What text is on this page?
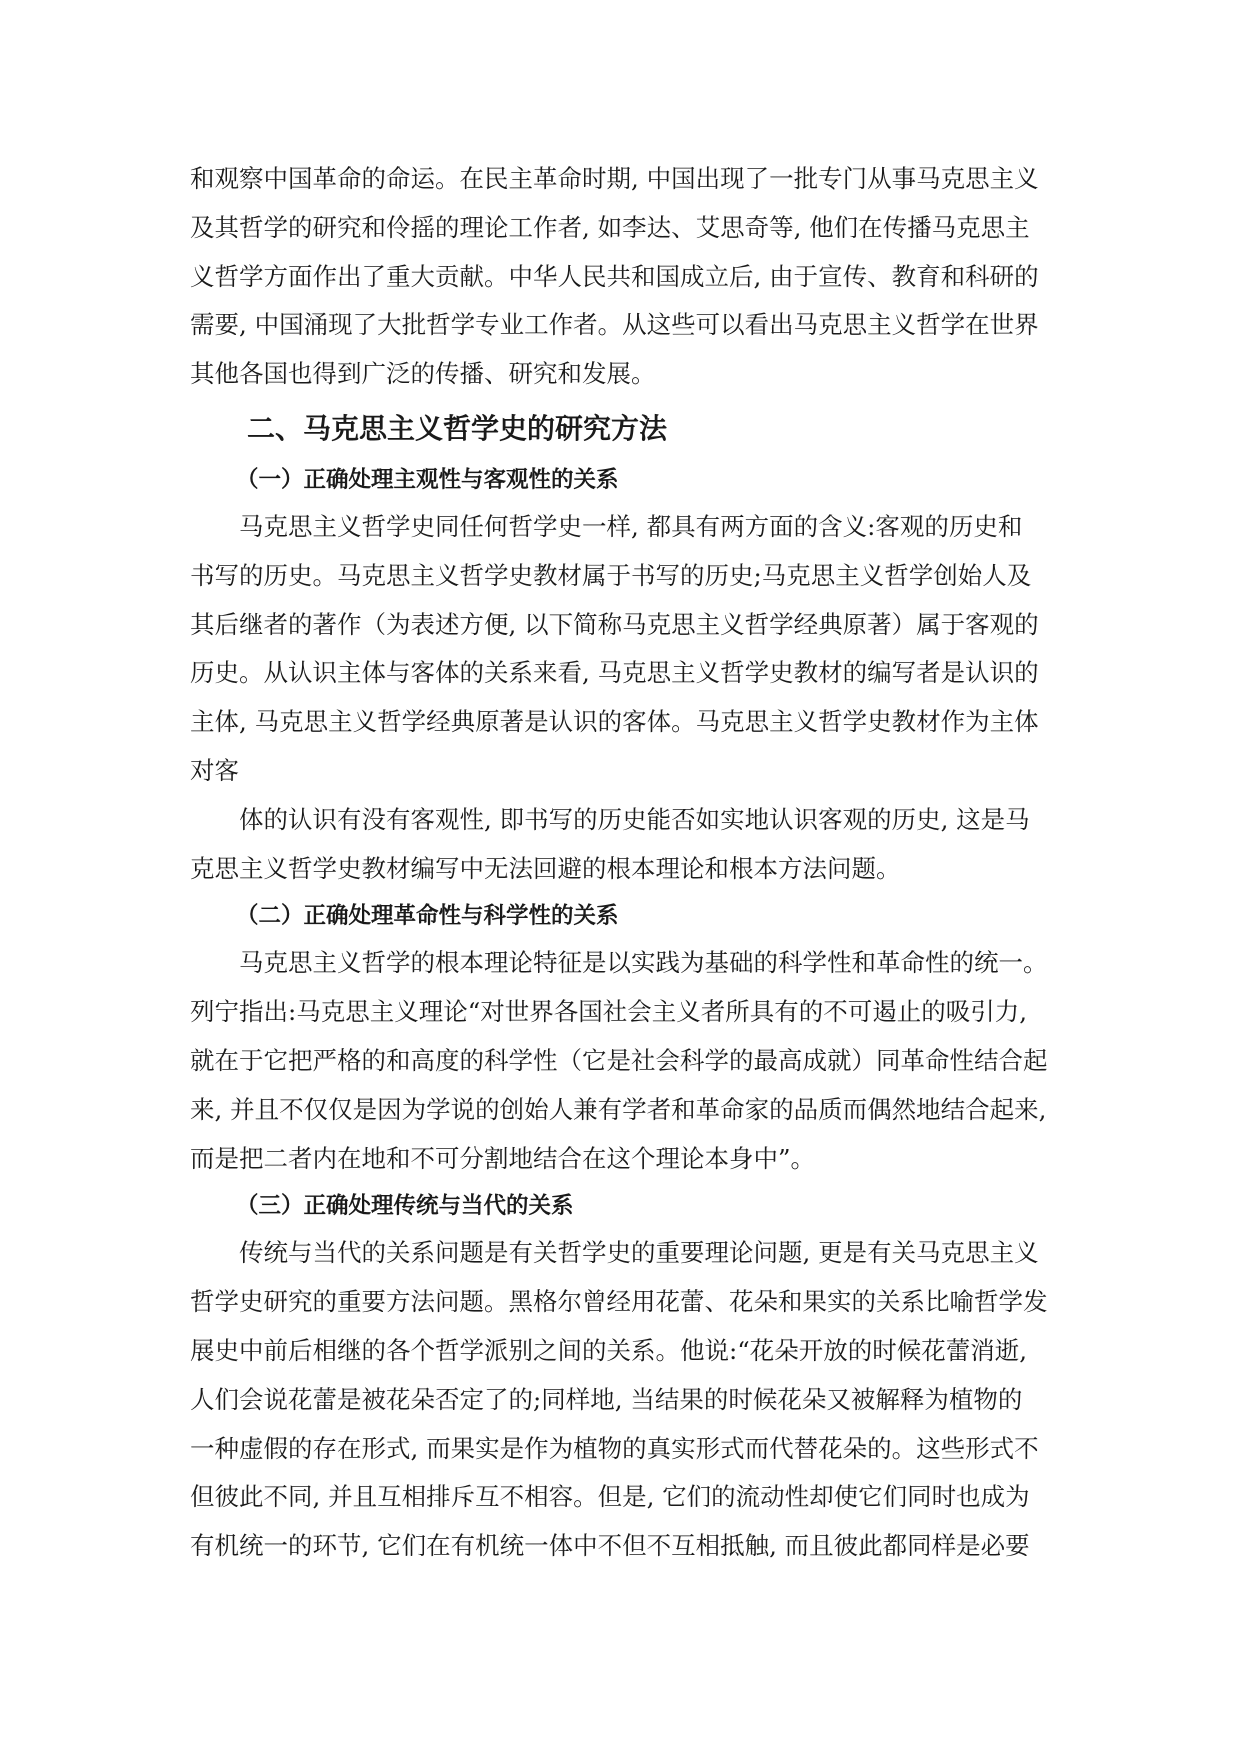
和观察中国革命的命运。在民主革命时期, 中国出现了一批专门从事马克思主义
及其哲学的研究和伶摇的理论工作者, 如李达、艾思奇等, 他们在传播马克思主
义哲学方面作出了重大贡献。中华人民共和国成立后, 由于宣传、教育和科研的
需要, 中国涌现了大批哲学专业工作者。从这些可以看出马克思主义哲学在世界
其他各国也得到广泛的传播、研究和发展。
二、马克思主义哲学史的研究方法
（一）正确处理主观性与客观性的关系
马克思主义哲学史同任何哲学史一样, 都具有两方面的含义:客观的历史和
书写的历史。马克思主义哲学史教材属于书写的历史;马克思主义哲学创始人及
其后继者的著作（为表述方便, 以下简称马克思主义哲学经典原著）属于客观的
历史。从认识主体与客体的关系来看, 马克思主义哲学史教材的编写者是认识的
主体, 马克思主义哲学经典原著是认识的客体。马克思主义哲学史教材作为主体
对客
体的认识有没有客观性, 即书写的历史能否如实地认识客观的历史, 这是马
克思主义哲学史教材编写中无法回避的根本理论和根本方法问题。
（二）正确处理革命性与科学性的关系
马克思主义哲学的根本理论特征是以实践为基础的科学性和革命性的统一。
列宁指出:马克思主义理论“对世界各国社会主义者所具有的不可遏止的吸引力,
就在于它把严格的和高度的科学性（它是社会科学的最高成就）同革命性结合起
来, 并且不仅仅是因为学说的创始人兼有学者和革命家的品质而偶然地结合起来,
而是把二者内在地和不可分割地结合在这个理论本身中”。
（三）正确处理传统与当代的关系
传统与当代的关系问题是有关哲学史的重要理论问题, 更是有关马克思主义
哲学史研究的重要方法问题。黑格尔曾经用花蕾、花朵和果实的关系比喻哲学发
展史中前后相继的各个哲学派别之间的关系。他说:“花朵开放的时候花蕾消逝,
人们会说花蕾是被花朵否定了的;同样地, 当结果的时候花朵又被解释为植物的
一种虚假的存在形式, 而果实是作为植物的真实形式而代替花朵的。这些形式不
但彼此不同, 并且互相排斥互不相容。但是, 它们的流动性却使它们同时也成为
有机统一的环节, 它们在有机统一体中不但不互相抵触, 而且彼此都同样是必要
